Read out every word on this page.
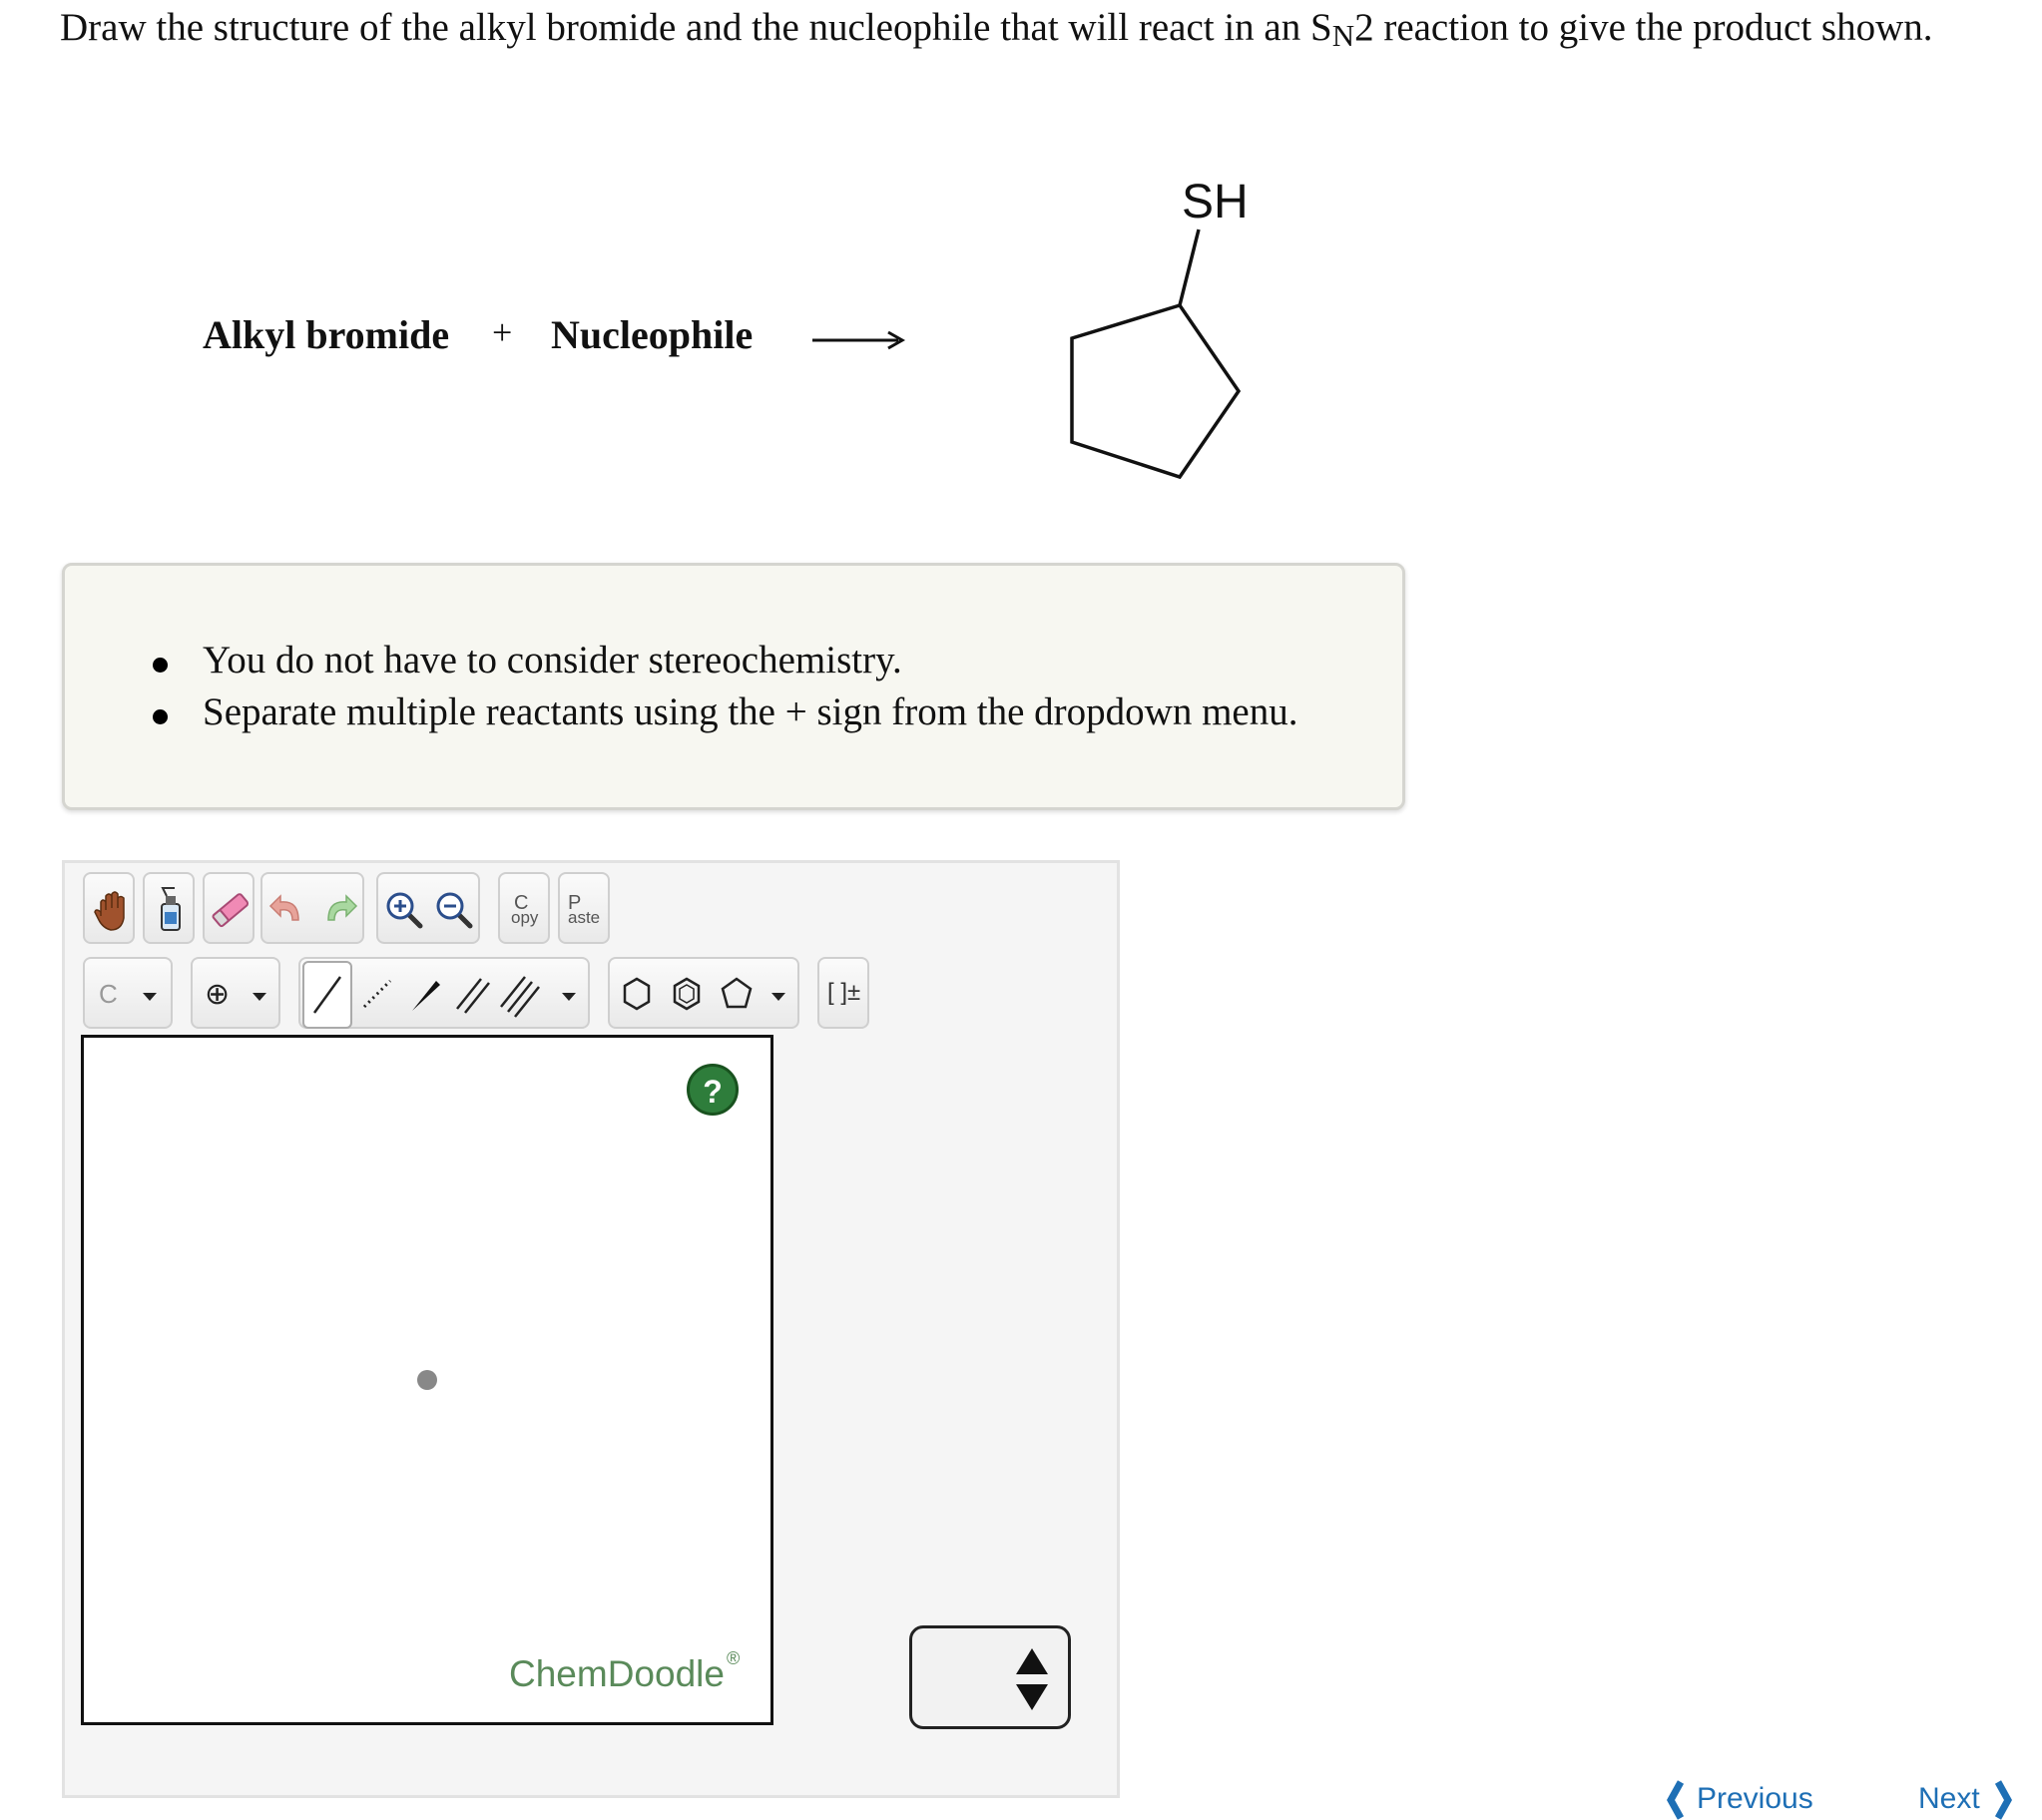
Draw the structure of the alkyl bromide and the nucleophile that will react in an $S_N2$ reaction to give the product shown.
Alkyl bromide + Nucleophile
SH
You do not have to consider stereochemistry.
Separate multiple reactants using the + sign from the dropdown menu.
C
opy
P
aste
C	⊕	[ ]±
?
ChemDoodle ®
Previous	Next
